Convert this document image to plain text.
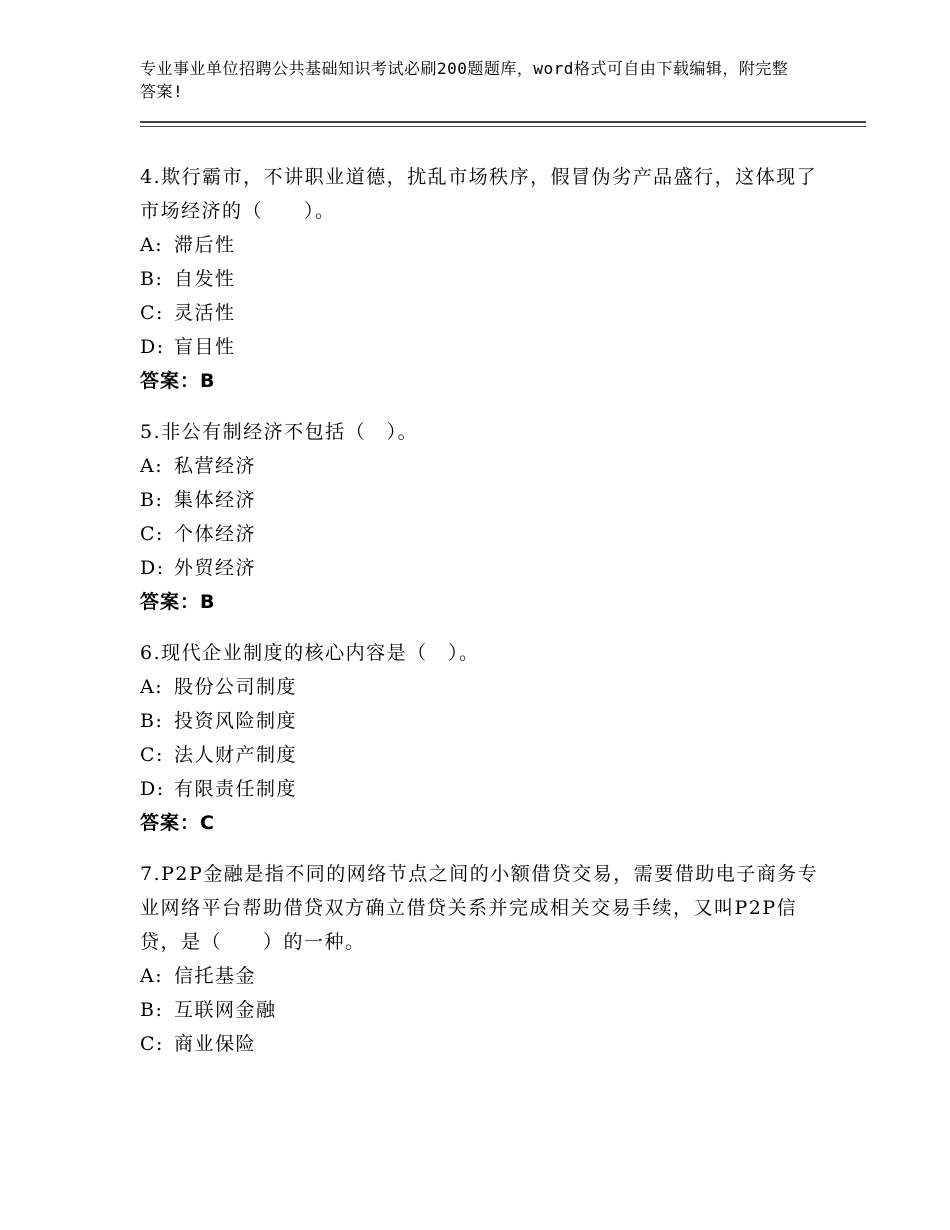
专业事业单位招聘公共基础知识考试必刷200题题库，word格式可自由下载编辑，附完整答案!

4.欺行霸市，不讲职业道德，扰乱市场秩序，假冒伪劣产品盛行，这体现了市场经济的（　　）。

A: 滞后性
B: 自发性
C: 灵活性
D: 盲目性
答案：B

5.非公有制经济不包括（　）。

A: 私营经济
B: 集体经济
C: 个体经济
D: 外贸经济
答案：B

6.现代企业制度的核心内容是（　）。

A: 股份公司制度
B: 投资风险制度
C: 法人财产制度
D: 有限责任制度
答案：C

7.P2P金融是指不同的网络节点之间的小额借贷交易，需要借助电子商务专业网络平台帮助借贷双方确立借贷关系并完成相关交易手续，又叫P2P信贷，是（　　）的一种。

A: 信托基金
B: 互联网金融
C: 商业保险
